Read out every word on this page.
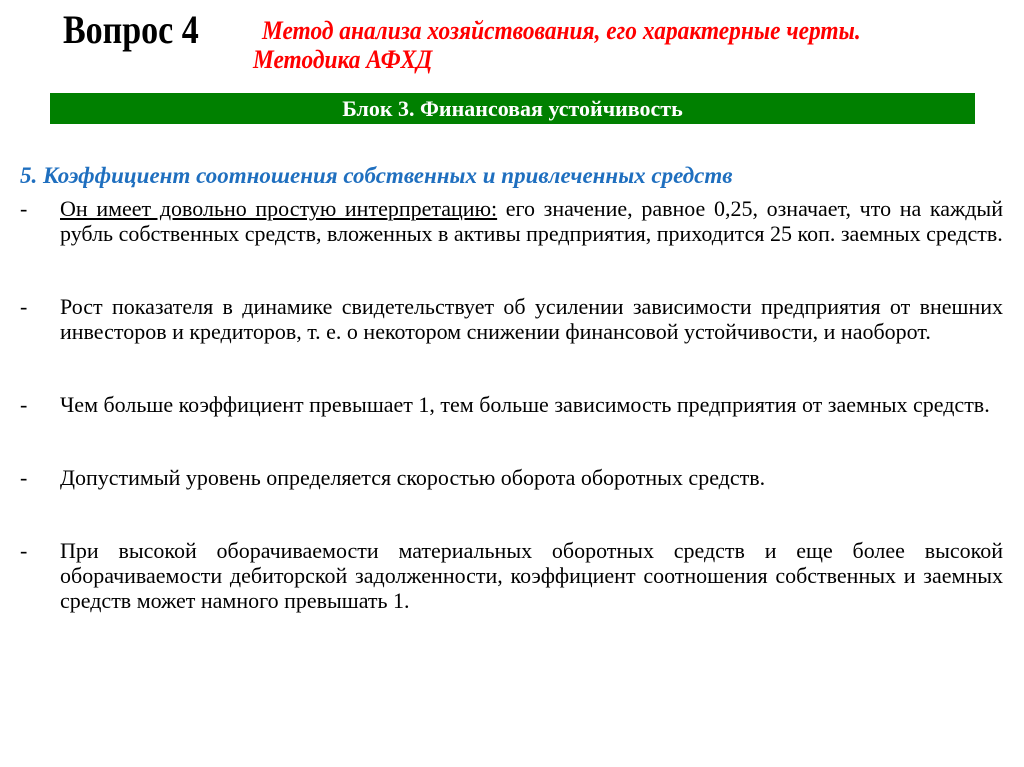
Вопрос 4 Метод анализа хозяйствования, его характерные черты.
Методика АФХД
Блок 3. Финансовая устойчивость
5. Коэффициент соотношения собственных и привлеченных средств
-	Он имеет довольно простую интерпретацию: его значение, равное 0,25, означает, что на каждый рубль собственных средств, вложенных в активы предприятия, приходится 25 коп. заемных средств.
-	Рост показателя в динамике свидетельствует об усилении зависимости предприятия от внешних инвесторов и кредиторов, т. е. о некотором снижении финансовой устойчивости, и наоборот.
-	Чем больше коэффициент превышает 1, тем больше зависимость предприятия от заемных средств.
-	Допустимый уровень определяется скоростью оборота оборотных средств.
-	При высокой оборачиваемости материальных оборотных средств и еще более высокой оборачиваемости дебиторской задолженности, коэффициент соотношения собственных и заемных средств может намного превышать 1.
